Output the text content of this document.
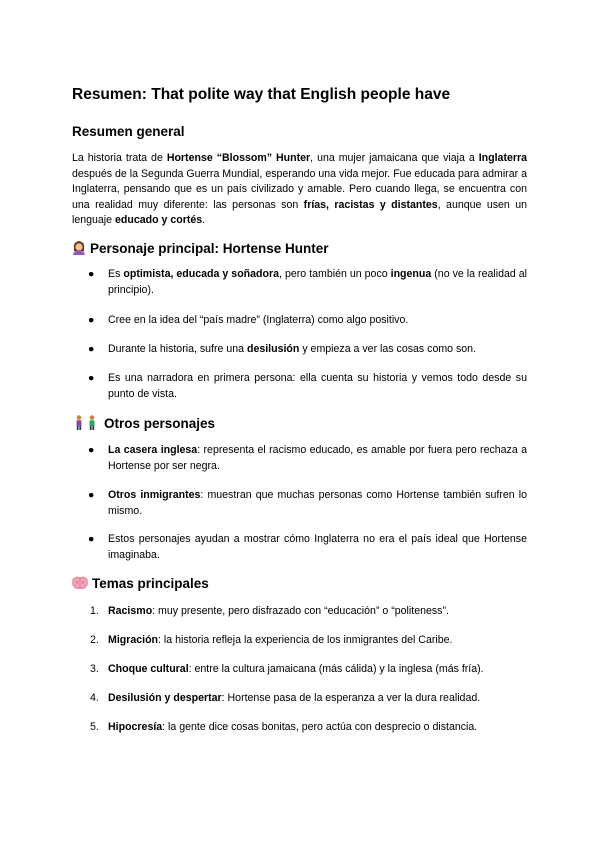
Resumen: That polite way that English people have
Resumen general

La historia trata de Hortense “Blossom” Hunter, una mujer jamaicana que viaja a Inglaterra después de la Segunda Guerra Mundial, esperando una vida mejor. Fue educada para admirar a Inglaterra, pensando que es un país civilizado y amable. Pero cuando llega, se encuentra con una realidad muy diferente: las personas son frías, racistas y distantes, aunque usen un lenguaje educado y cortés.

Personaje principal: Hortense Hunter

●	Es optimista, educada y soñadora, pero también un poco ingenua (no ve la realidad al principio).

●	Cree en la idea del “país madre” (Inglaterra) como algo positivo.

●	Durante la historia, sufre una desilusión y empieza a ver las cosas como son.

●	Es una narradora en primera persona: ella cuenta su historia y vemos todo desde su punto de vista.

Otros personajes

●	La casera inglesa: representa el racismo educado, es amable por fuera pero rechaza a Hortense por ser negra.

●	Otros inmigrantes: muestran que muchas personas como Hortense también sufren lo mismo.

●	Estos personajes ayudan a mostrar cómo Inglaterra no era el país ideal que Hortense imaginaba.

Temas principales

1. Racismo: muy presente, pero disfrazado con “educación” o “politeness”.

2. Migración: la historia refleja la experiencia de los inmigrantes del Caribe.

3. Choque cultural: entre la cultura jamaicana (más cálida) y la inglesa (más fría).

4. Desilusión y despertar: Hortense pasa de la esperanza a ver la dura realidad.

5. Hipocresía: la gente dice cosas bonitas, pero actúa con desprecio o distancia.
